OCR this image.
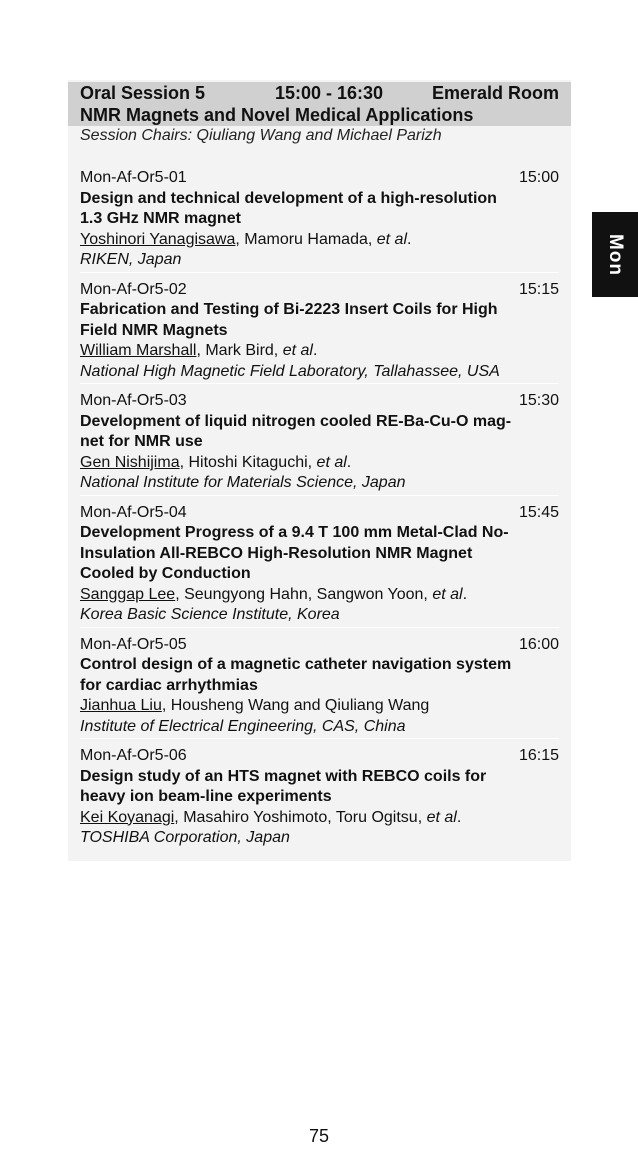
Oral Session 5	15:00 - 16:30	Emerald Room
NMR Magnets and Novel Medical Applications
Session Chairs: Qiuliang Wang and Michael Parizh
Mon-Af-Or5-01	15:00
Design and technical development of a high-resolution
1.3 GHz NMR magnet
Yoshinori Yanagisawa, Mamoru Hamada, et al.
RIKEN, Japan
Mon-Af-Or5-02	15:15
Fabrication and Testing of Bi-2223 Insert Coils for High
Field NMR Magnets
William Marshall, Mark Bird, et al.
National High Magnetic Field Laboratory, Tallahassee, USA
Mon-Af-Or5-03	15:30
Development of liquid nitrogen cooled RE-Ba-Cu-O mag-
net for NMR use
Gen Nishijima, Hitoshi Kitaguchi, et al.
National Institute for Materials Science, Japan
Mon-Af-Or5-04	15:45
Development Progress of a 9.4 T 100 mm Metal-Clad No-
Insulation All-REBCO High-Resolution NMR Magnet
Cooled by Conduction
Sanggap Lee, Seungyong Hahn, Sangwon Yoon, et al.
Korea Basic Science Institute, Korea
Mon-Af-Or5-05	16:00
Control design of a magnetic catheter navigation system
for cardiac arrhythmias
Jianhua Liu, Housheng Wang and Qiuliang Wang
Institute of Electrical Engineering, CAS, China
Mon-Af-Or5-06	16:15
Design study of an HTS magnet with REBCO coils for
heavy ion beam-line experiments
Kei Koyanagi, Masahiro Yoshimoto, Toru Ogitsu, et al.
TOSHIBA Corporation, Japan
Mon
75
